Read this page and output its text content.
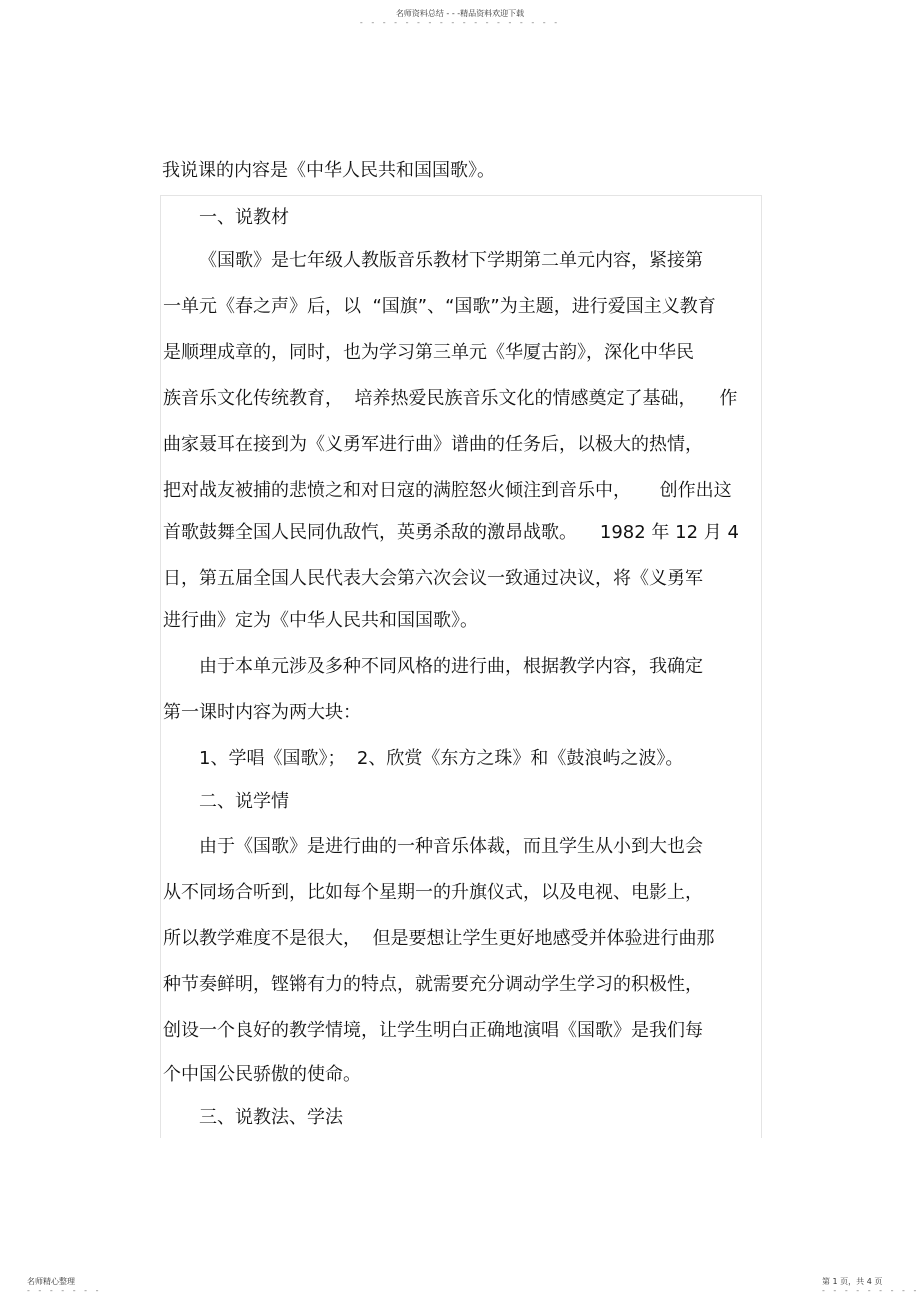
名师资料总结 - - -精品资料欢迎下载
- - - - - - - - - - - - - - - - - -
我说课的内容是《中华人民共和国国歌》。
一、说教材
《国歌》是七年级人教版音乐教材下学期第二单元内容，紧接第
一单元《春之声》后，以  “国旗”、“国歌”为主题，进行爱国主义教育
是顺理成章的，同时，也为学习第三单元《华厦古韵》，深化中华民
族音乐文化传统教育，  培养热爱民族音乐文化的情感奠定了基础，    作
曲家聂耳在接到为《义勇军进行曲》谱曲的任务后，以极大的热情，
把对战友被捕的悲愤之和对日寇的满腔怒火倾注到音乐中，     创作出这
首歌鼓舞全国人民同仇敌忾，英勇杀敌的激昂战歌。    1982 年 12 月 4
日，第五届全国人民代表大会第六次会议一致通过决议，将《义勇军
进行曲》定为《中华人民共和国国歌》。
由于本单元涉及多种不同风格的进行曲，根据教学内容，我确定
第一课时内容为两大块：
1、学唱《国歌》；  2、欣赏《东方之珠》和《鼓浪屿之波》。
二、说学情
由于《国歌》是进行曲的一种音乐体裁，而且学生从小到大也会
从不同场合听到，比如每个星期一的升旗仪式，以及电视、电影上，
所以教学难度不是很大，  但是要想让学生更好地感受并体验进行曲那
种节奏鲜明，铿锵有力的特点，就需要充分调动学生学习的积极性，
创设一个良好的教学情境，让学生明白正确地演唱《国歌》是我们每
个中国公民骄傲的使命。
三、说教法、学法
名师精心整理
- - - - - - -
第 1 页，共 4 页
- - - - - - - - -
